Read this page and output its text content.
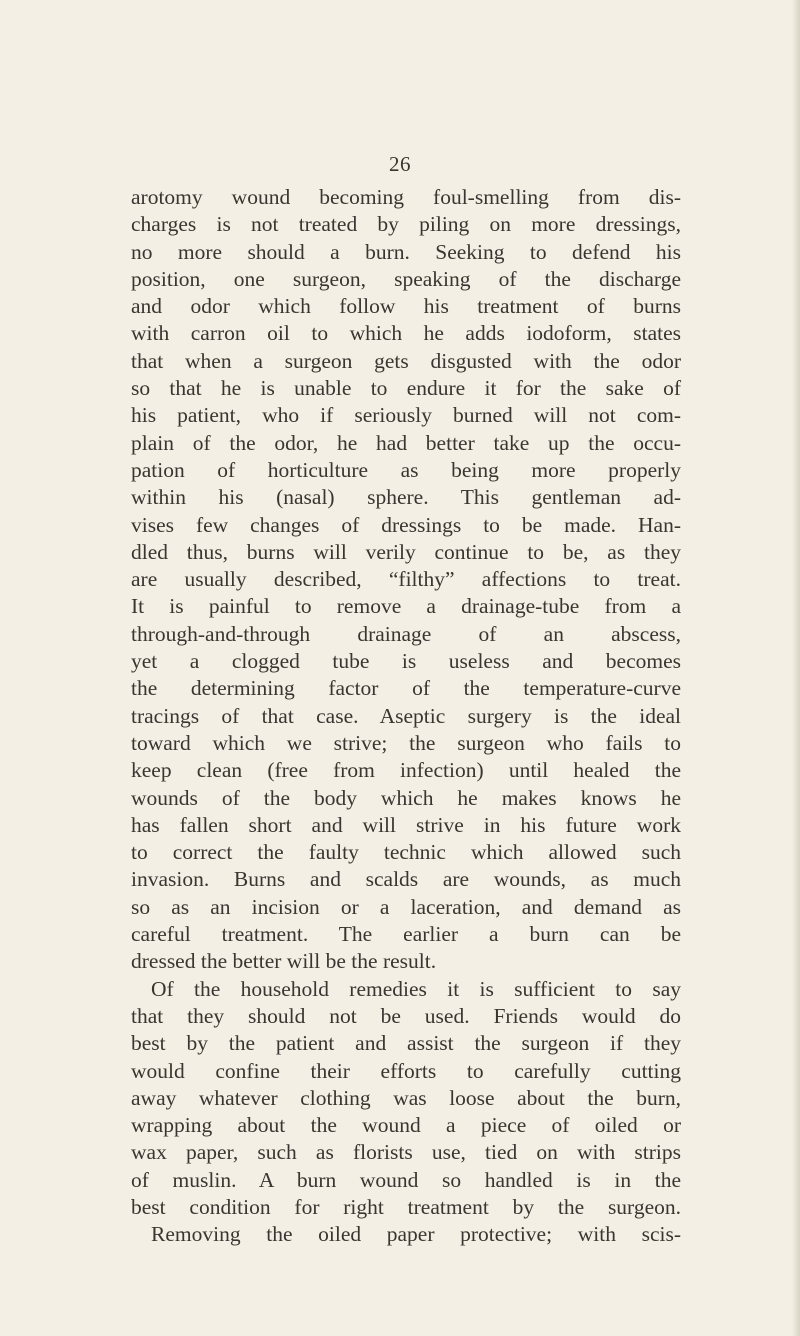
26
arotomy wound becoming foul-smelling from dis-
charges is not treated by piling on more dressings,
no more should a burn. Seeking to defend his
position, one surgeon, speaking of the discharge
and odor which follow his treatment of burns
with carron oil to which he adds iodoform, states
that when a surgeon gets disgusted with the odor
so that he is unable to endure it for the sake of
his patient, who if seriously burned will not com-
plain of the odor, he had better take up the occu-
pation of horticulture as being more properly
within his (nasal) sphere. This gentleman ad-
vises few changes of dressings to be made. Han-
dled thus, burns will verily continue to be, as they
are usually described, “filthy” affections to treat.
It is painful to remove a drainage-tube from a
through-and-through drainage of an abscess,
yet a clogged tube is useless and becomes
the determining factor of the temperature-curve
tracings of that case. Aseptic surgery is the ideal
toward which we strive; the surgeon who fails to
keep clean (free from infection) until healed the
wounds of the body which he makes knows he
has fallen short and will strive in his future work
to correct the faulty technic which allowed such
invasion. Burns and scalds are wounds, as much
so as an incision or a laceration, and demand as
careful treatment. The earlier a burn can be
dressed the better will be the result.
Of the household remedies it is sufficient to say
that they should not be used. Friends would do
best by the patient and assist the surgeon if they
would confine their efforts to carefully cutting
away whatever clothing was loose about the burn,
wrapping about the wound a piece of oiled or
wax paper, such as florists use, tied on with strips
of muslin. A burn wound so handled is in the
best condition for right treatment by the surgeon.
Removing the oiled paper protective; with scis-
